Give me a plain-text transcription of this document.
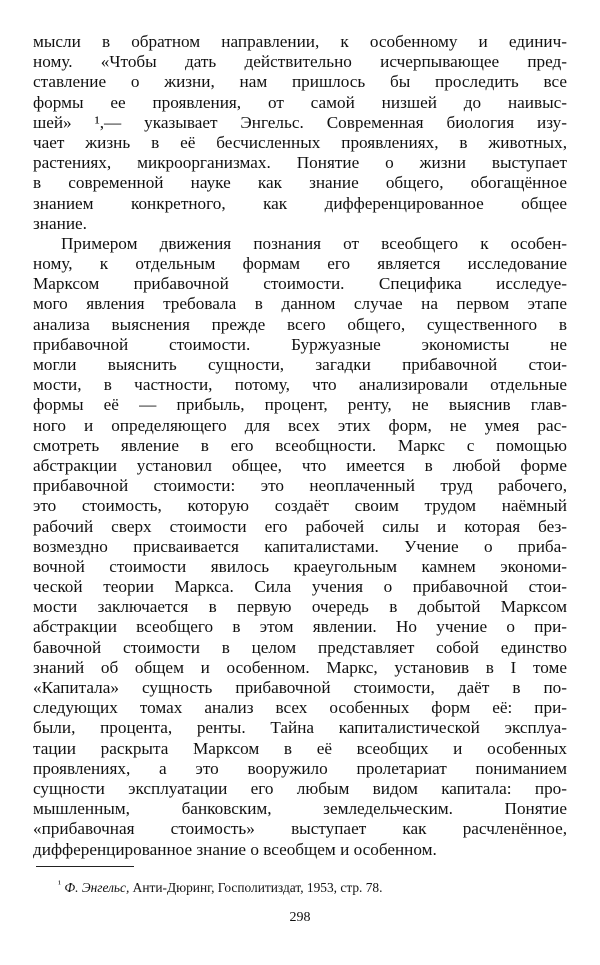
мысли в обратном направлении, к особенному и единич-
ному. «Чтобы дать действительно исчерпывающее пред-
ставление о жизни, нам пришлось бы проследить все
формы ее проявления, от самой низшей до наивыс-
шей» ¹,— указывает Энгельс. Современная биология изу-
чает жизнь в её бесчисленных проявлениях, в животных,
растениях, микроорганизмах. Понятие о жизни выступает
в современной науке как знание общего, обогащённое
знанием конкретного, как дифференцированное общее
знание.
Примером движения познания от всеобщего к особен-
ному, к отдельным формам его является исследование
Марксом прибавочной стоимости. Специфика исследуе-
мого явления требовала в данном случае на первом этапе
анализа выяснения прежде всего общего, существенного в
прибавочной стоимости. Буржуазные экономисты не
могли выяснить сущности, загадки прибавочной стои-
мости, в частности, потому, что анализировали отдельные
формы её — прибыль, процент, ренту, не выяснив глав-
ного и определяющего для всех этих форм, не умея рас-
смотреть явление в его всеобщности. Маркс с помощью
абстракции установил общее, что имеется в любой форме
прибавочной стоимости: это неоплаченный труд рабочего,
это стоимость, которую создаёт своим трудом наёмный
рабочий сверх стоимости его рабочей силы и которая без-
возмездно присваивается капиталистами. Учение о приба-
вочной стоимости явилось краеугольным камнем экономи-
ческой теории Маркса. Сила учения о прибавочной стои-
мости заключается в первую очередь в добытой Марксом
абстракции всеобщего в этом явлении. Но учение о при-
бавочной стоимости в целом представляет собой единство
знаний об общем и особенном. Маркс, установив в I томе
«Капитала» сущность прибавочной стоимости, даёт в по-
следующих томах анализ всех особенных форм её: при-
были, процента, ренты. Тайна капиталистической эксплуа-
тации раскрыта Марксом в её всеобщих и особенных
проявлениях, а это вооружило пролетариат пониманием
сущности эксплуатации его любым видом капитала: про-
мышленным, банковским, земледельческим. Понятие
«прибавочная стоимость» выступает как расчленённое,
дифференцированное знание о всеобщем и особенном.
$^{^1}$ Ф. Энгельс, Анти-Дюринг, Госполитиздат, 1953, стр. 78.
298
